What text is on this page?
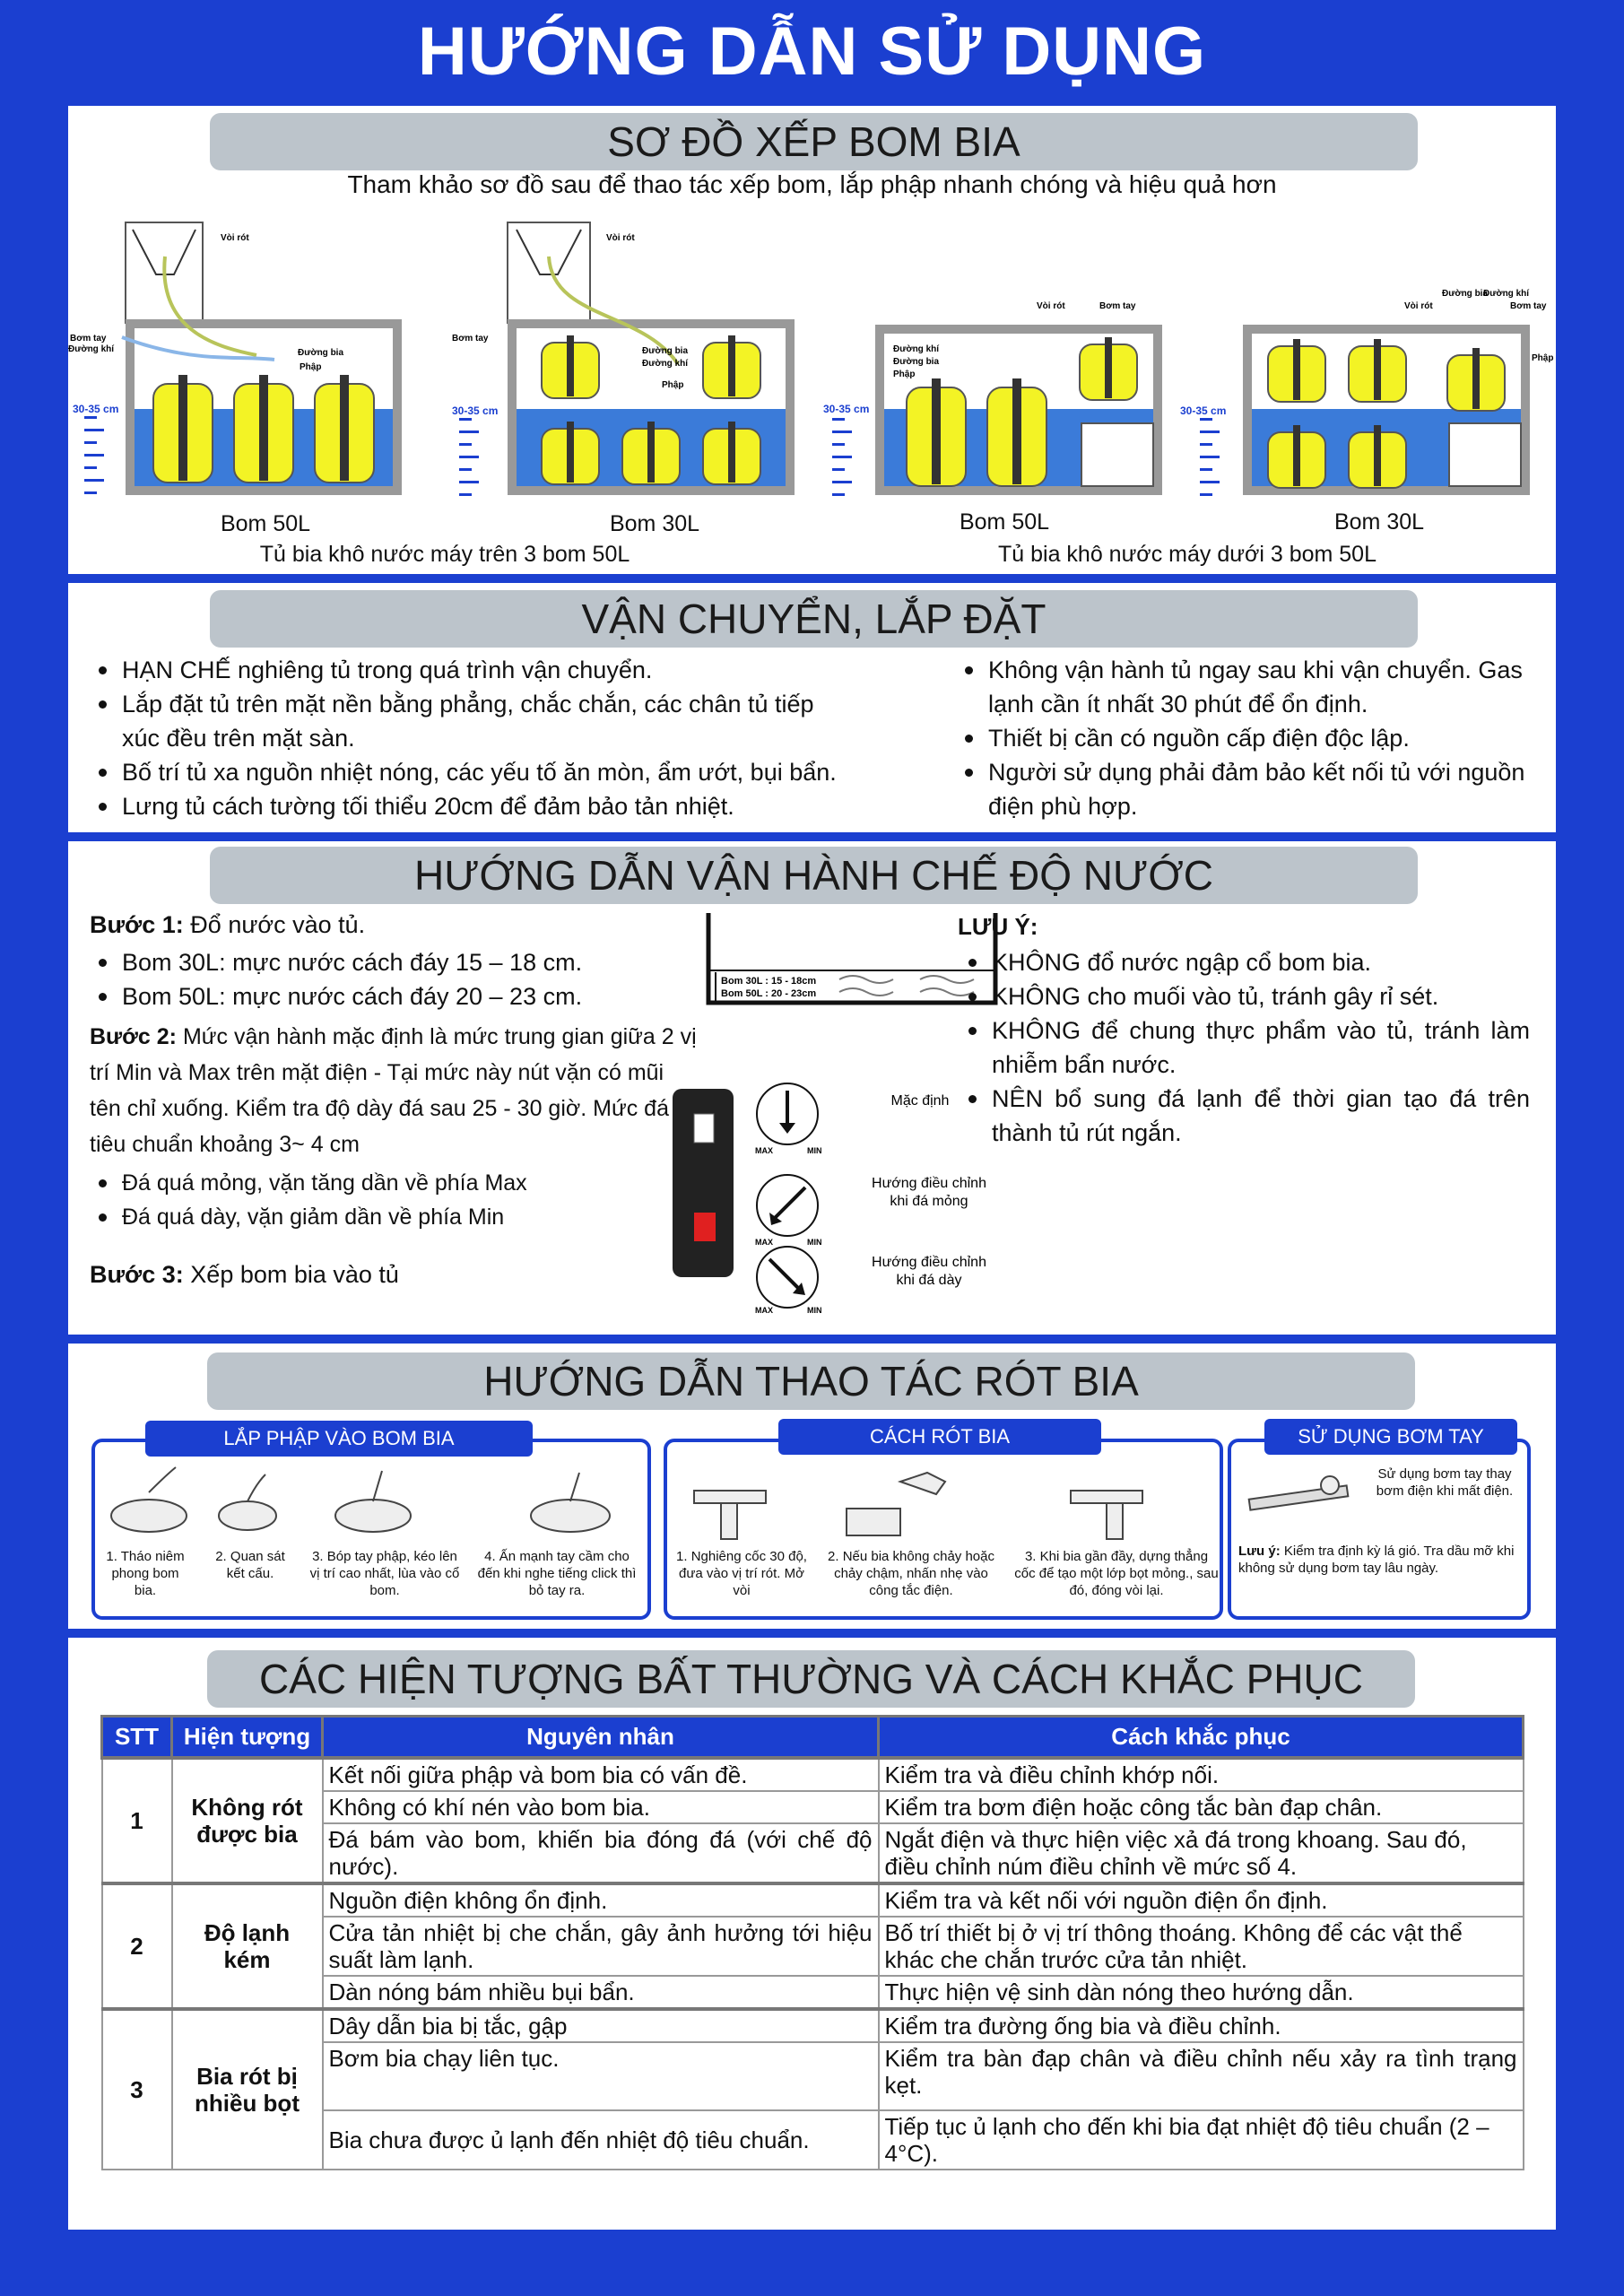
HƯỚNG DẪN SỬ DỤNG
SƠ ĐỒ XẾP BOM BIA
Tham khảo sơ đồ sau để thao tác xếp bom, lắp phập nhanh chóng và hiệu quả hơn
Vòi rót
Đường bia
Phập
Bơm tay
Đường khí
30-35 cm
Vòi rót
Đường bia
Đường khí
Phập
Bơm tay
30-35 cm
Vòi rót	Bơm tay
Đường khí
Đường bia
Phập
30-35 cm
Vòi rót
Đường bia
Đường khí
Bơm tay
Phập
30-35 cm
Bom 50L	Bom 30L	Bom 50L	Bom 30L
Tủ bia khô nước máy trên 3 bom 50L	Tủ bia khô nước máy dưới 3 bom 50L
VẬN CHUYỂN, LẮP ĐẶT
HẠN CHẾ nghiêng tủ trong quá trình vận chuyển.
Lắp đặt tủ trên mặt nền bằng phẳng, chắc chắn, các chân tủ tiếp xúc đều trên mặt sàn.
Bố trí tủ xa nguồn nhiệt nóng, các yếu tố ăn mòn, ẩm ướt, bụi bẩn.
Lưng tủ cách tường tối thiểu 20cm để đảm bảo tản nhiệt.
Không vận hành tủ ngay sau khi vận chuyển. Gas lạnh cần ít nhất 30 phút để ổn định.
Thiết bị cần có nguồn cấp điện độc lập.
Người sử dụng phải đảm bảo kết nối tủ với nguồn điện phù hợp.
HƯỚNG DẪN VẬN HÀNH CHẾ ĐỘ NƯỚC
Bước 1: Đổ nước vào tủ.
Bom 30L: mực nước cách đáy 15 – 18 cm.
Bom 50L: mực nước cách đáy 20 – 23 cm.
Bước 2: Mức vận hành mặc định là mức trung gian giữa 2 vị trí Min và Max trên mặt điện - Tại mức này nút vặn có mũi tên chỉ xuống. Kiểm tra độ dày đá sau 25 - 30 giờ. Mức đá tiêu chuẩn khoảng 3~ 4 cm
Đá quá mỏng, vặn tăng dần về phía Max
Đá quá dày, vặn giảm dần về phía Min
Bước 3: Xếp bom bia vào tủ
Bom 30L : 15 - 18cm
Bom 50L : 20 - 23cm
MAX	MIN
Mặc định
MAX	MIN
Hướng điều chỉnh khi đá mỏng
MAX	MIN
Hướng điều chỉnh khi đá dày
LƯU Ý:
KHÔNG đổ nước ngập cổ bom bia.
KHÔNG cho muối vào tủ, tránh gây rỉ sét.
KHÔNG để chung thực phẩm vào tủ, tránh làm nhiễm bẩn nước.
NÊN bổ sung đá lạnh để thời gian tạo đá trên thành tủ rút ngắn.
HƯỚNG DẪN THAO TÁC RÓT BIA
1. Tháo niêm phong bom bia.
2. Quan sát kết cấu.
3. Bóp tay phập, kéo lên vị trí cao nhất, lùa vào cổ bom.
4. Ấn mạnh tay cầm cho đến khi nghe tiếng click thì bỏ tay ra.
LẮP PHẬP VÀO BOM BIA
1. Nghiêng cốc 30 độ, đưa vào vị trí rót. Mở vòi
2. Nếu bia không chảy hoặc chảy chậm, nhấn nhẹ vào công tắc điện.
3. Khi bia gần đầy, dựng thẳng cốc để tạo một lớp bọt mỏng., sau đó, đóng vòi lại.
CÁCH RÓT BIA
Sử dụng bơm tay thay bơm điện khi mất điện.
Lưu ý: Kiểm tra định kỳ lá gió. Tra dầu mỡ khi không sử dụng bơm tay lâu ngày.
SỬ DỤNG BƠM TAY
CÁC HIỆN TƯỢNG BẤT THƯỜNG VÀ CÁCH KHẮC PHỤC
STT	Hiện tượng	Nguyên nhân	Cách khắc phục
1	Không rót được bia	Kết nối giữa phập và bom bia có vấn đề.	Kiểm tra và điều chỉnh khớp nối.
		Không có khí nén vào bom bia.	Kiểm tra bơm điện hoặc công tắc bàn đạp chân.
		Đá bám vào bom, khiến bia đóng đá (với chế độ nước).	Ngắt điện và thực hiện việc xả đá trong khoang. Sau đó, điều chỉnh núm điều chỉnh về mức số 4.
2	Độ lạnh kém	Nguồn điện không ổn định.	Kiểm tra và kết nối với nguồn điện ổn định.
		Cửa tản nhiệt bị che chắn, gây ảnh hưởng tới hiệu suất làm lạnh.	Bố trí thiết bị ở vị trí thông thoáng. Không để các vật thể khác che chắn trước cửa tản nhiệt.
		Dàn nóng bám nhiều bụi bẩn.	Thực hiện vệ sinh dàn nóng theo hướng dẫn.
3	Bia rót bị nhiều bọt	Dây dẫn bia bị tắc, gập	Kiểm tra đường ống bia và điều chỉnh.
		Bơm bia chạy liên tục.	Kiểm tra bàn đạp chân và điều chỉnh nếu xảy ra tình trạng kẹt.
		Bia chưa được ủ lạnh đến nhiệt độ tiêu chuẩn.	Tiếp tục ủ lạnh cho đến khi bia đạt nhiệt độ tiêu chuẩn (2 – 4°C).
